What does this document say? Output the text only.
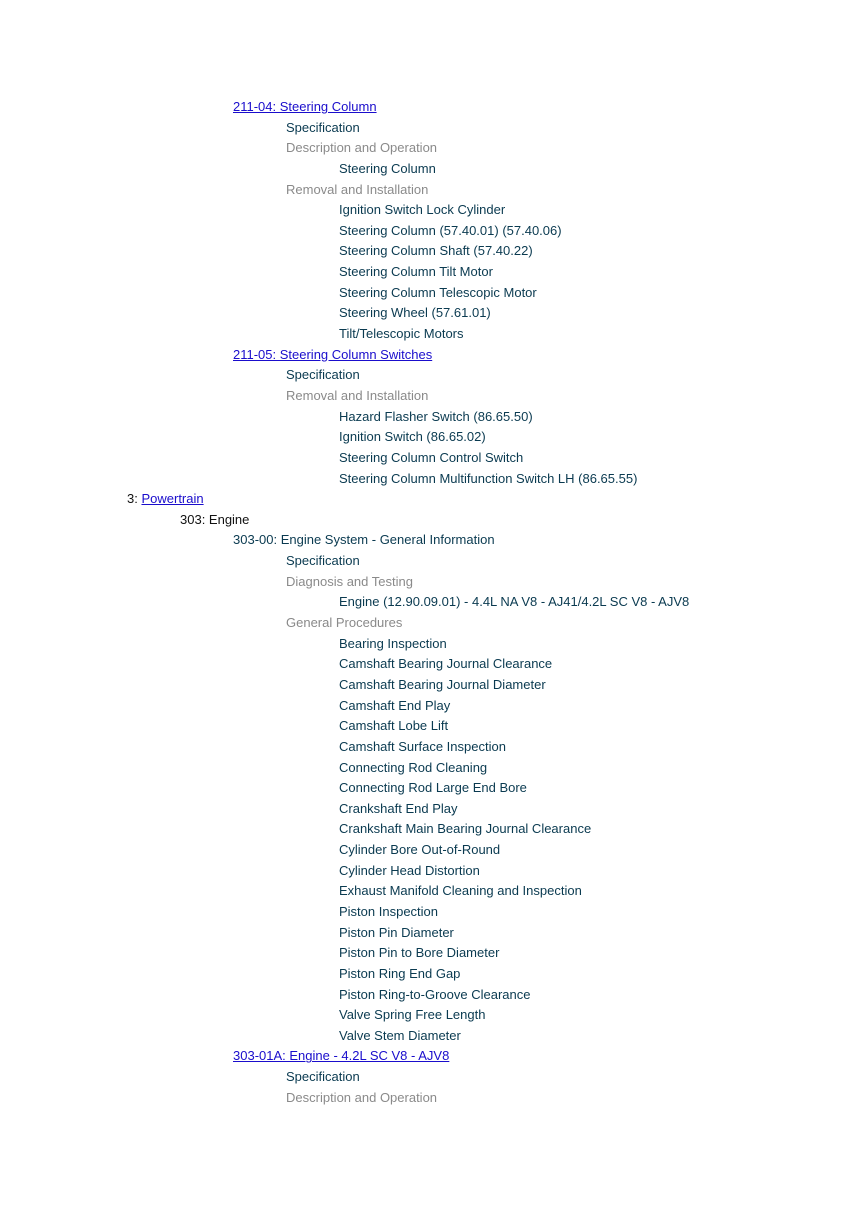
211-04: Steering Column
Specification
Description and Operation
Steering Column
Removal and Installation
Ignition Switch Lock Cylinder
Steering Column (57.40.01) (57.40.06)
Steering Column Shaft (57.40.22)
Steering Column Tilt Motor
Steering Column Telescopic Motor
Steering Wheel (57.61.01)
Tilt/Telescopic Motors
211-05: Steering Column Switches
Specification
Removal and Installation
Hazard Flasher Switch (86.65.50)
Ignition Switch (86.65.02)
Steering Column Control Switch
Steering Column Multifunction Switch LH (86.65.55)
3: Powertrain
303: Engine
303-00: Engine System - General Information
Specification
Diagnosis and Testing
Engine (12.90.09.01) - 4.4L NA V8 - AJ41/4.2L SC V8 - AJV8
General Procedures
Bearing Inspection
Camshaft Bearing Journal Clearance
Camshaft Bearing Journal Diameter
Camshaft End Play
Camshaft Lobe Lift
Camshaft Surface Inspection
Connecting Rod Cleaning
Connecting Rod Large End Bore
Crankshaft End Play
Crankshaft Main Bearing Journal Clearance
Cylinder Bore Out-of-Round
Cylinder Head Distortion
Exhaust Manifold Cleaning and Inspection
Piston Inspection
Piston Pin Diameter
Piston Pin to Bore Diameter
Piston Ring End Gap
Piston Ring-to-Groove Clearance
Valve Spring Free Length
Valve Stem Diameter
303-01A: Engine - 4.2L SC V8 - AJV8
Specification
Description and Operation
